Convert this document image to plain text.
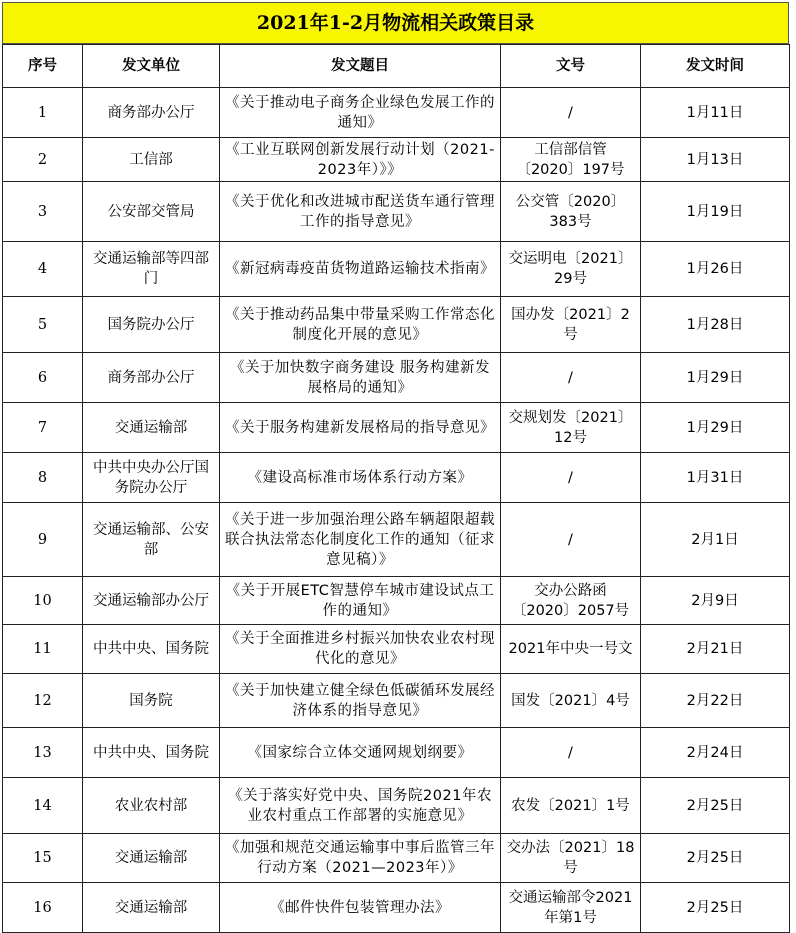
2021年1-2月物流相关政策目录
序号	发文单位	发文题目	文号	发文时间
1	商务部办公厅	《关于推动电子商务企业绿色发展工作的通知》	/	1月11日
2	工信部	《工业互联网创新发展行动计划（2021-2023年）》》	工信部信管〔2020〕197号	1月13日
3	公安部交管局	《关于优化和改进城市配送货车通行管理工作的指导意见》	公交管〔2020〕383号	1月19日
4	交通运输部等四部门	《新冠病毒疫苗货物道路运输技术指南》	交运明电〔2021〕29号	1月26日
5	国务院办公厅	《关于推动药品集中带量采购工作常态化制度化开展的意见》	国办发〔2021〕2号	1月28日
6	商务部办公厅	《关于加快数字商务建设 服务构建新发展格局的通知》	/	1月29日
7	交通运输部	《关于服务构建新发展格局的指导意见》	交规划发〔2021〕12号	1月29日
8	中共中央办公厅国务院办公厅	《建设高标准市场体系行动方案》	/	1月31日
9	交通运输部、公安部	《关于进一步加强治理公路车辆超限超载联合执法常态化制度化工作的通知（征求意见稿）》	/	2月1日
10	交通运输部办公厅	《关于开展ETC智慧停车城市建设试点工作的通知》	交办公路函〔2020〕2057号	2月9日
11	中共中央、国务院	《关于全面推进乡村振兴加快农业农村现代化的意见》	2021年中央一号文	2月21日
12	国务院	《关于加快建立健全绿色低碳循环发展经济体系的指导意见》	国发〔2021〕4号	2月22日
13	中共中央、国务院	《国家综合立体交通网规划纲要》	/	2月24日
14	农业农村部	《关于落实好党中央、国务院2021年农业农村重点工作部署的实施意见》	农发〔2021〕1号	2月25日
15	交通运输部	《加强和规范交通运输事中事后监管三年行动方案（2021—2023年）》	交办法〔2021〕18号	2月25日
16	交通运输部	《邮件快件包装管理办法》	交通运输部令2021年第1号	2月25日
